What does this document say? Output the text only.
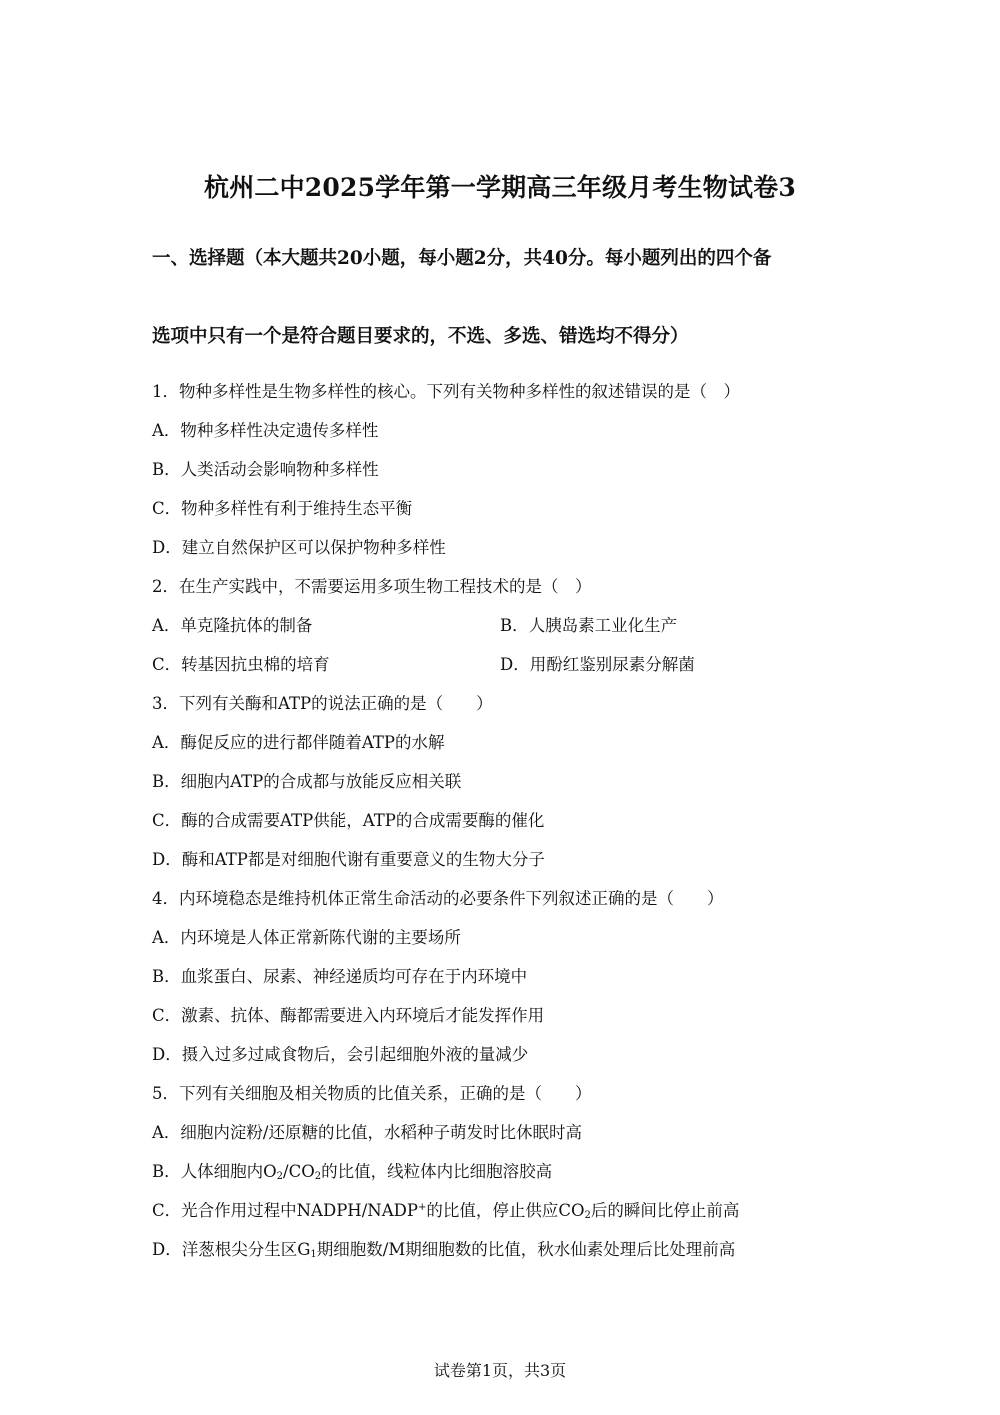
杭州二中2025学年第一学期高三年级月考生物试卷3
一、选择题（本大题共20小题，每小题2分，共40分。每小题列出的四个备
选项中只有一个是符合题目要求的，不选、多选、错选均不得分）
1．物种多样性是生物多样性的核心。下列有关物种多样性的叙述错误的是（　）
A．物种多样性决定遗传多样性
B．人类活动会影响物种多样性
C．物种多样性有利于维持生态平衡
D．建立自然保护区可以保护物种多样性
2．在生产实践中，不需要运用多项生物工程技术的是（　）
A．单克隆抗体的制备	B．人胰岛素工业化生产
C．转基因抗虫棉的培育	D．用酚红鉴别尿素分解菌
3．下列有关酶和ATP的说法正确的是（　　）
A．酶促反应的进行都伴随着ATP的水解
B．细胞内ATP的合成都与放能反应相关联
C．酶的合成需要ATP供能，ATP的合成需要酶的催化
D．酶和ATP都是对细胞代谢有重要意义的生物大分子
4．内环境稳态是维持机体正常生命活动的必要条件下列叙述正确的是（　　）
A．内环境是人体正常新陈代谢的主要场所
B．血浆蛋白、尿素、神经递质均可存在于内环境中
C．激素、抗体、酶都需要进入内环境后才能发挥作用
D．摄入过多过咸食物后，会引起细胞外液的量减少
5．下列有关细胞及相关物质的比值关系，正确的是（　　）
A．细胞内淀粉/还原糖的比值，水稻种子萌发时比休眠时高
B．人体细胞内$O_2/CO_2$的比值，线粒体内比细胞溶胶高
C．光合作用过程中NADPH/NADP+的比值，停止供应$CO_2$后的瞬间比停止前高
D．洋葱根尖分生区$G_1$期细胞数/M期细胞数的比值，秋水仙素处理后比处理前高
试卷第1页，共3页
